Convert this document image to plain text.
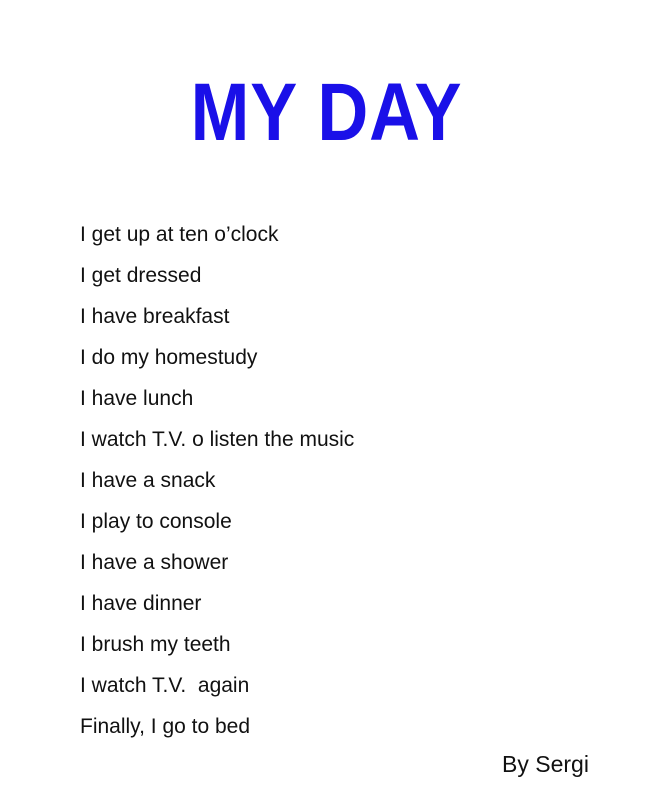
MY DAY
I get up at ten o’clock
I get dressed
I have breakfast
I do my homestudy
I have lunch
I watch T.V. o listen the music
I have a snack
I play to console
I have a shower
I have dinner
I brush my teeth
I watch T.V.  again
Finally, I go to bed
By Sergi
